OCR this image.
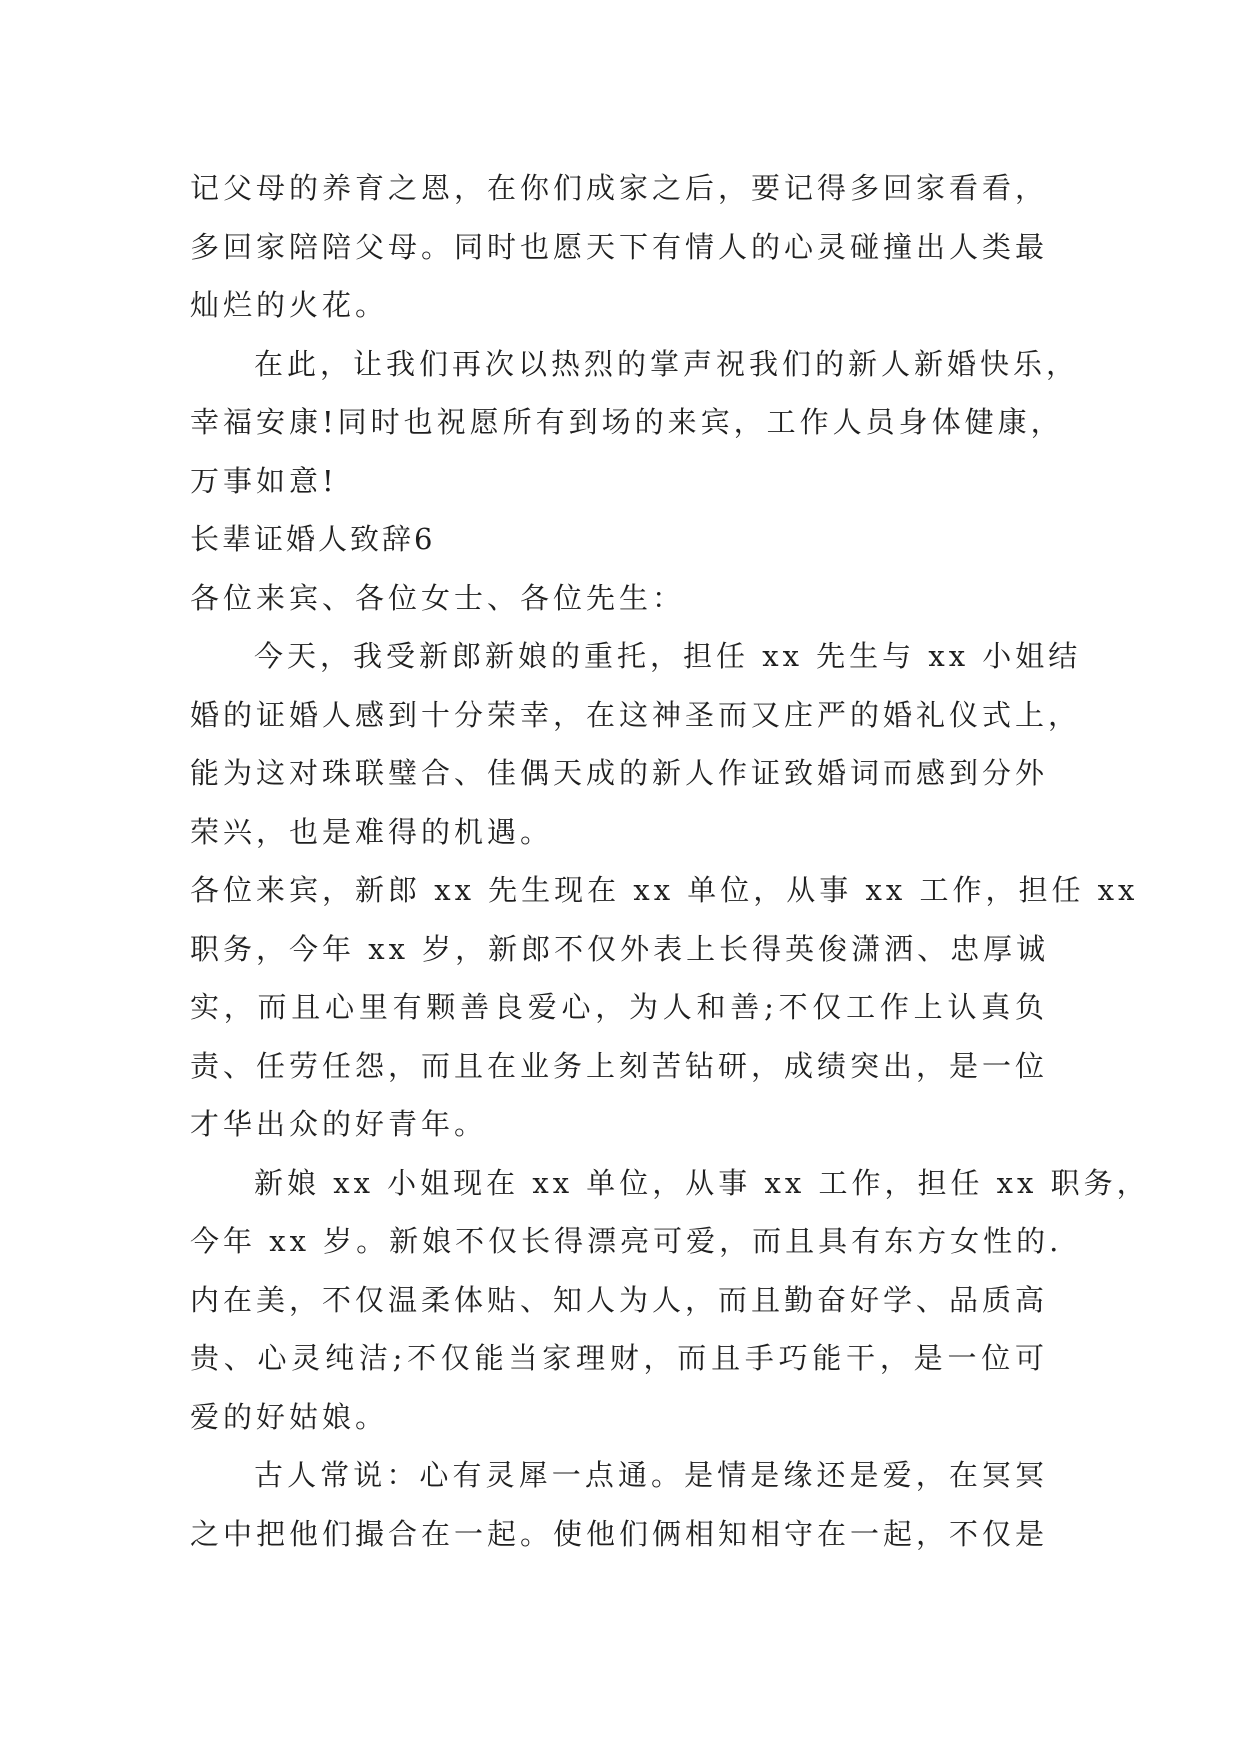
记父母的养育之恩，在你们成家之后，要记得多回家看看，
多回家陪陪父母。同时也愿天下有情人的心灵碰撞出人类最
灿烂的火花。
在此，让我们再次以热烈的掌声祝我们的新人新婚快乐，
幸福安康!同时也祝愿所有到场的来宾，工作人员身体健康，
万事如意!
长辈证婚人致辞6
各位来宾、各位女士、各位先生：
今天，我受新郎新娘的重托，担任 xx 先生与 xx 小姐结
婚的证婚人感到十分荣幸，在这神圣而又庄严的婚礼仪式上，
能为这对珠联璧合、佳偶天成的新人作证致婚词而感到分外
荣兴，也是难得的机遇。
各位来宾，新郎 xx 先生现在 xx 单位，从事 xx 工作，担任 xx
职务，今年 xx 岁，新郎不仅外表上长得英俊潇洒、忠厚诚
实，而且心里有颗善良爱心，为人和善;不仅工作上认真负
责、任劳任怨，而且在业务上刻苦钻研，成绩突出，是一位
才华出众的好青年。
新娘 xx 小姐现在 xx 单位，从事 xx 工作，担任 xx 职务，
今年 xx 岁。新娘不仅长得漂亮可爱，而且具有东方女性的.
内在美，不仅温柔体贴、知人为人，而且勤奋好学、品质高
贵、心灵纯洁;不仅能当家理财，而且手巧能干，是一位可
爱的好姑娘。
古人常说：心有灵犀一点通。是情是缘还是爱，在冥冥
之中把他们撮合在一起。使他们俩相知相守在一起，不仅是
